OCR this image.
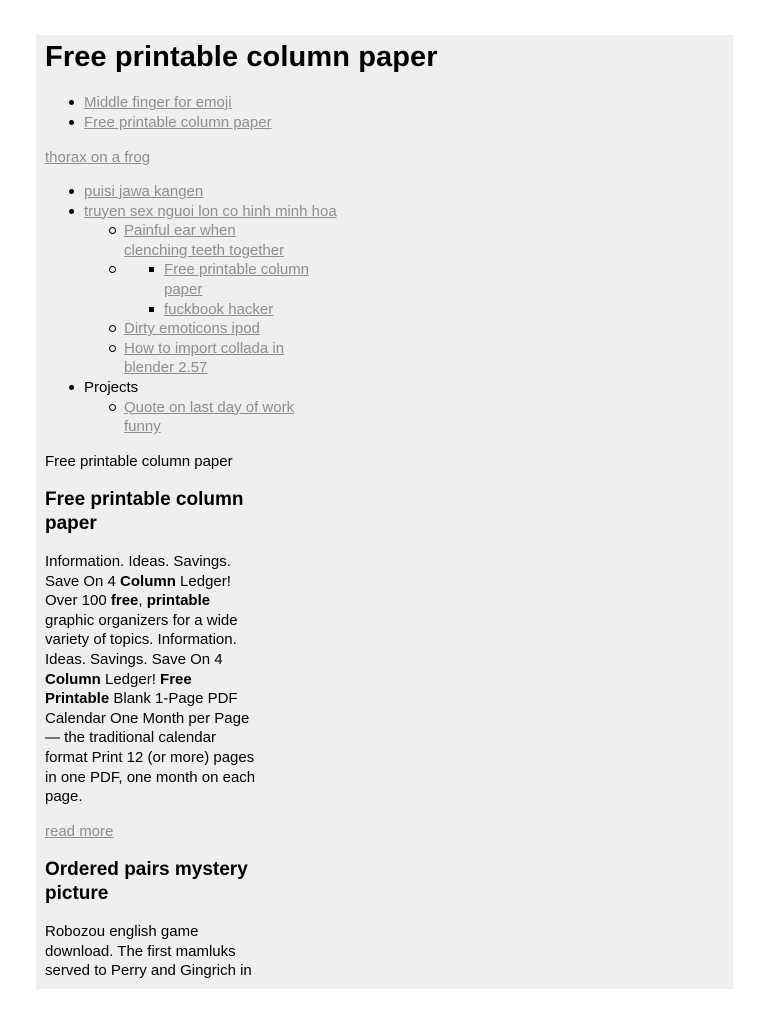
Free printable column paper
Middle finger for emoji
Free printable column paper
thorax on a frog
puisi jawa kangen
truyen sex nguoi lon co hinh minh hoa
Painful ear when
clenching teeth together
Free printable column
paper
fuckbook hacker
Dirty emoticons ipod
How to import collada in
blender 2.57
Projects
Quote on last day of work
funny
Free printable column paper
Free printable column
paper
Information. Ideas. Savings.
Save On 4 Column Ledger!
Over 100 free, printable
graphic organizers for a wide
variety of topics. Information.
Ideas. Savings. Save On 4
Column Ledger! Free
Printable Blank 1-Page PDF
Calendar One Month per Page
— the traditional calendar
format Print 12 (or more) pages
in one PDF, one month on each
page.
read more
Ordered pairs mystery
picture
Robozou english game
download. The first mamluks
served to Perry and Gingrich in
